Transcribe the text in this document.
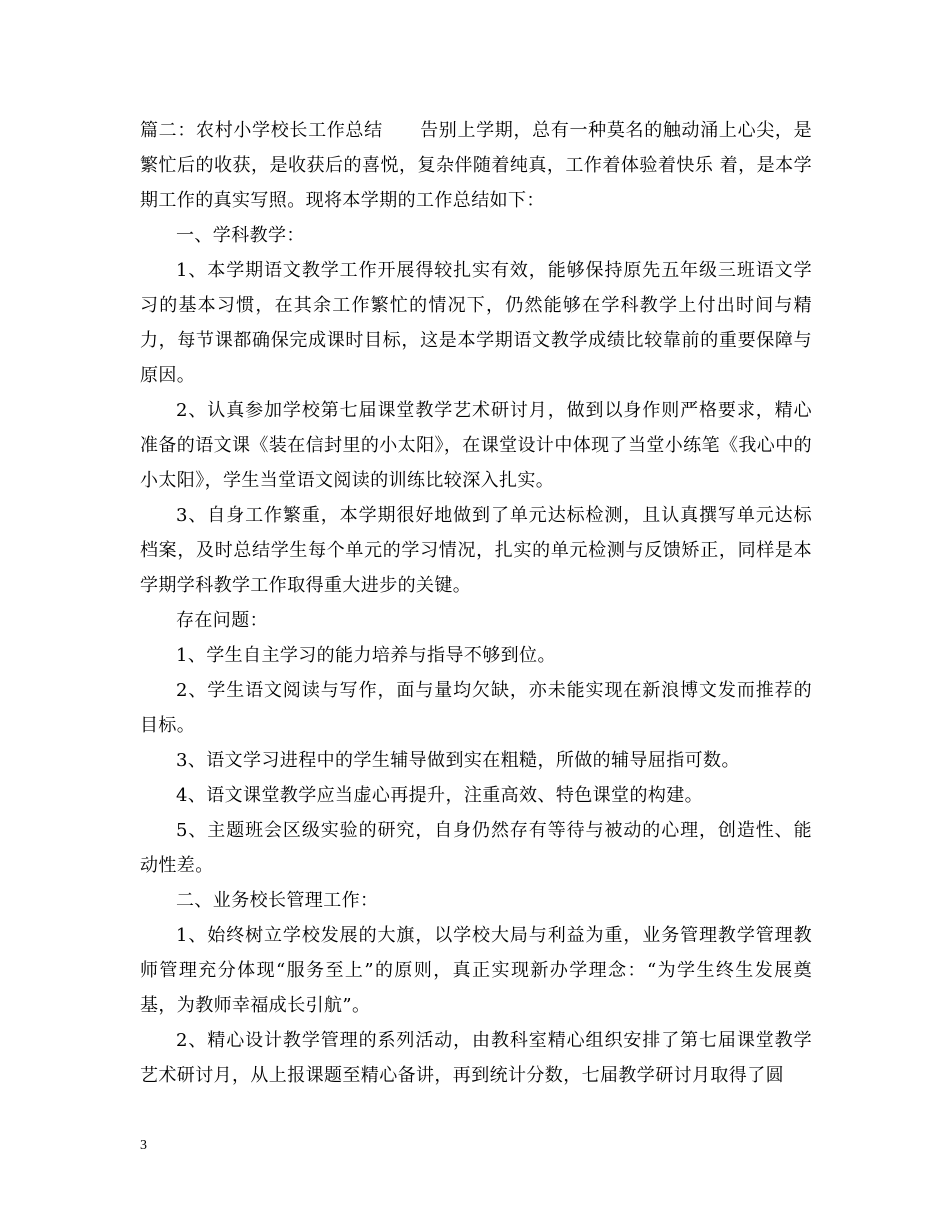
篇二：农村小学校长工作总结　　告别上学期，总有一种莫名的触动涌上心尖，是繁忙后的收获，是收获后的喜悦，复杂伴随着纯真，工作着体验着快乐 着，是本学期工作的真实写照。现将本学期的工作总结如下：

一、学科教学：

1、本学期语文教学工作开展得较扎实有效，能够保持原先五年级三班语文学习的基本习惯，在其余工作繁忙的情况下，仍然能够在学科教学上付出时间与精力，每节课都确保完成课时目标，这是本学期语文教学成绩比较靠前的重要保障与原因。

2、认真参加学校第七届课堂教学艺术研讨月，做到以身作则严格要求，精心准备的语文课《装在信封里的小太阳》，在课堂设计中体现了当堂小练笔《我心中的小太阳》，学生当堂语文阅读的训练比较深入扎实。

3、自身工作繁重，本学期很好地做到了单元达标检测，且认真撰写单元达标档案，及时总结学生每个单元的学习情况，扎实的单元检测与反馈矫正，同样是本学期学科教学工作取得重大进步的关键。

存在问题：

1、学生自主学习的能力培养与指导不够到位。

2、学生语文阅读与写作，面与量均欠缺，亦未能实现在新浪博文发而推荐的目标。

3、语文学习进程中的学生辅导做到实在粗糙，所做的辅导屈指可数。

4、语文课堂教学应当虚心再提升，注重高效、特色课堂的构建。

5、主题班会区级实验的研究，自身仍然存有等待与被动的心理，创造性、能动性差。

二、业务校长管理工作：

1、始终树立学校发展的大旗，以学校大局与利益为重，业务管理教学管理教师管理充分体现“服务至上”的原则，真正实现新办学理念：“为学生终生发展奠基，为教师幸福成长引航”。

2、精心设计教学管理的系列活动，由教科室精心组织安排了第七届课堂教学艺术研讨月，从上报课题至精心备讲，再到统计分数，七届教学研讨月取得了圆

3
